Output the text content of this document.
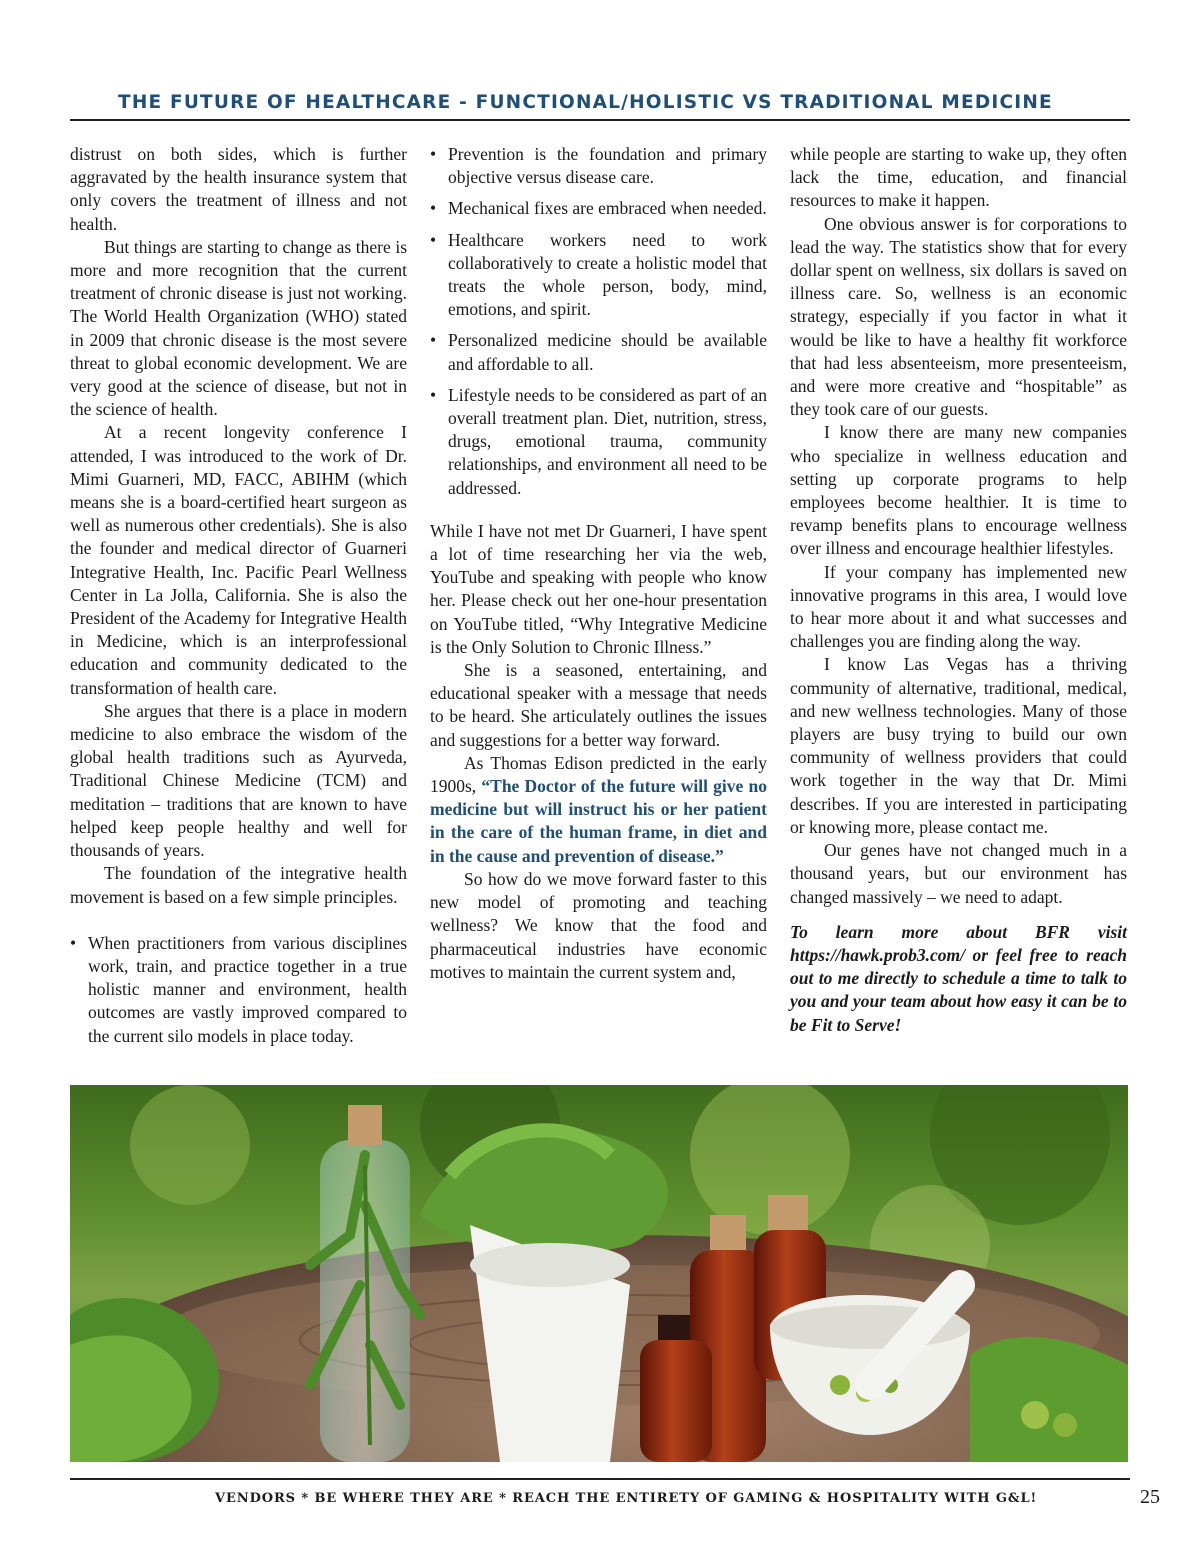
THE FUTURE OF HEALTHCARE - FUNCTIONAL/HOLISTIC VS TRADITIONAL MEDICINE

distrust on both sides, which is further aggravated by the health insurance system that only covers the treatment of illness and not health.

But things are starting to change as there is more and more recognition that the current treatment of chronic disease is just not working. The World Health Organization (WHO) stated in 2009 that chronic disease is the most severe threat to global economic development. We are very good at the science of disease, but not in the science of health.

At a recent longevity conference I attended, I was introduced to the work of Dr. Mimi Guarneri, MD, FACC, ABIHM (which means she is a board-certified heart surgeon as well as numerous other credentials). She is also the founder and medical director of Guarneri Integrative Health, Inc. Pacific Pearl Wellness Center in La Jolla, California. She is also the President of the Academy for Integrative Health in Medicine, which is an interprofessional education and community dedicated to the transformation of health care.

She argues that there is a place in modern medicine to also embrace the wisdom of the global health traditions such as Ayurveda, Traditional Chinese Medicine (TCM) and meditation – traditions that are known to have helped keep people healthy and well for thousands of years.

The foundation of the integrative health movement is based on a few simple principles.

• When practitioners from various disciplines work, train, and practice together in a true holistic manner and environment, health outcomes are vastly improved compared to the current silo models in place today.
• Prevention is the foundation and primary objective versus disease care.
• Mechanical fixes are embraced when needed.
• Healthcare workers need to work collaboratively to create a holistic model that treats the whole person, body, mind, emotions, and spirit.
• Personalized medicine should be available and affordable to all.
• Lifestyle needs to be considered as part of an overall treatment plan. Diet, nutrition, stress, drugs, emotional trauma, community relationships, and environment all need to be addressed.

While I have not met Dr Guarneri, I have spent a lot of time researching her via the web, YouTube and speaking with people who know her. Please check out her one-hour presentation on YouTube titled, “Why Integrative Medicine is the Only Solution to Chronic Illness.”

She is a seasoned, entertaining, and educational speaker with a message that needs to be heard. She articulately outlines the issues and suggestions for a better way forward.

As Thomas Edison predicted in the early 1900s, “The Doctor of the future will give no medicine but will instruct his or her patient in the care of the human frame, in diet and in the cause and prevention of disease.”

So how do we move forward faster to this new model of promoting and teaching wellness? We know that the food and pharmaceutical industries have economic motives to maintain the current system and,

while people are starting to wake up, they often lack the time, education, and financial resources to make it happen.

One obvious answer is for corporations to lead the way. The statistics show that for every dollar spent on wellness, six dollars is saved on illness care. So, wellness is an economic strategy, especially if you factor in what it would be like to have a healthy fit workforce that had less absenteeism, more presenteeism, and were more creative and “hospitable” as they took care of our guests.

I know there are many new companies who specialize in wellness education and setting up corporate programs to help employees become healthier. It is time to revamp benefits plans to encourage wellness over illness and encourage healthier lifestyles.

If your company has implemented new innovative programs in this area, I would love to hear more about it and what successes and challenges you are finding along the way.

I know Las Vegas has a thriving community of alternative, traditional, medical, and new wellness technologies. Many of those players are busy trying to build our own community of wellness providers that could work together in the way that Dr. Mimi describes. If you are interested in participating or knowing more, please contact me.

Our genes have not changed much in a thousand years, but our environment has changed massively – we need to adapt.

To learn more about BFR visit https://hawk.prob3.com/ or feel free to reach out to me directly to schedule a time to talk to you and your team about how easy it can be to be Fit to Serve!

VENDORS * BE WHERE THEY ARE * REACH THE ENTIRETY OF GAMING & HOSPITALITY WITH G&L!	25
